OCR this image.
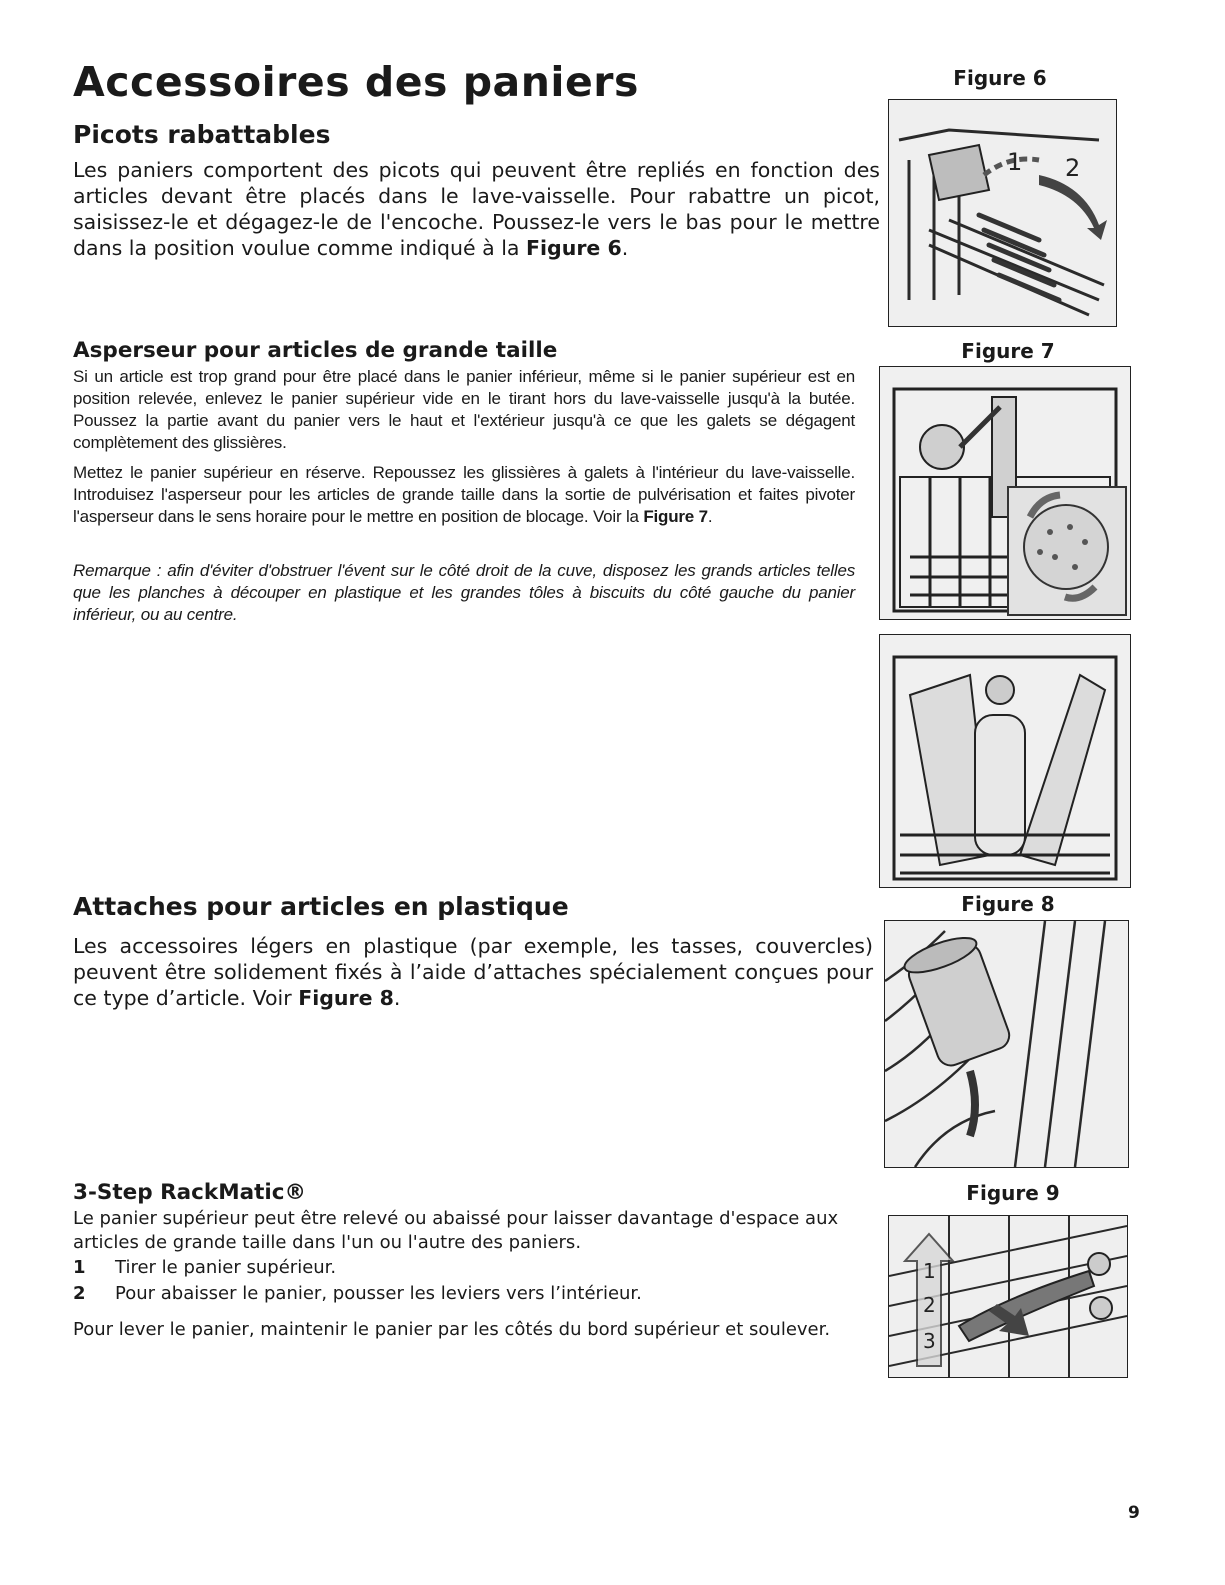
Accessoires des paniers
Picots rabattables

Les paniers comportent des picots qui peuvent être repliés en fonction des articles devant être placés dans le lave-vaisselle. Pour rabattre un picot, saisissez-le et dégagez-le de l'encoche. Poussez-le vers le bas pour le mettre dans la position voulue comme indiqué à la Figure 6.

Asperseur pour articles de grande taille

Si un article est trop grand pour être placé dans le panier inférieur, même si le panier supérieur est en position relevée, enlevez le panier supérieur vide en le tirant hors du lave-vaisselle jusqu'à la butée. Poussez la partie avant du panier vers le haut et l'extérieur jusqu'à ce que les galets se dégagent complètement des glissières.

Mettez le panier supérieur en réserve. Repoussez les glissières à galets à l'intérieur du lave-vaisselle. Introduisez l'asperseur pour les articles de grande taille dans la sortie de pulvérisation et faites pivoter l'asperseur dans le sens horaire pour le mettre en position de blocage. Voir la Figure 7.

Remarque : afin d'éviter d'obstruer l'évent sur le côté droit de la cuve, disposez les grands articles telles que les planches à découper en plastique et les grandes tôles à biscuits du côté gauche du panier inférieur, ou au centre.

Attaches pour articles en plastique

Les accessoires légers en plastique (par exemple, les tasses, couvercles) peuvent être solidement fixés à l’aide d’attaches spécialement conçues pour ce type d’article. Voir Figure 8.

3-Step RackMatic®

Le panier supérieur peut être relevé ou abaissé pour laisser davantage d'espace aux articles de grande taille dans l'un ou l'autre des paniers.

1 Tirer le panier supérieur.
2 Pour abaisser le panier, pousser les leviers vers l’intérieur.

Pour lever le panier, maintenir le panier par les côtés du bord supérieur et soulever.

Figure 6
1 2
Figure 7
Figure 8
Figure 9
1
2
3
9
